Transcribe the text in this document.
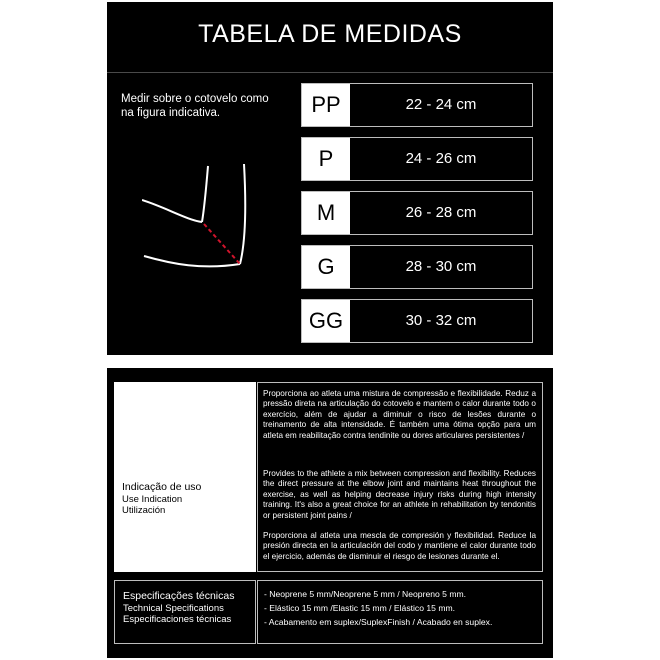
TABELA DE MEDIDAS
Medir sobre o cotovelo como na figura indicativa.	PP	22 - 24 cm
P	24 - 26 cm
M	26 - 28 cm
G	28 - 30 cm
GG	30 - 32 cm
Indicação de uso
Use Indication
Utilización
Proporciona ao atleta uma mistura de compressão e flexibilidade. Reduz a pressão direta na articulação do cotovelo e mantem o calor durante todo o exercício, além de ajudar a diminuir o risco de lesões durante o treinamento de alta intensidade. É também uma ótima opção para um atleta em reabilitação contra tendinite ou dores articulares persistentes /
Provides to the athlete a mix between compression and flexibility. Reduces the direct pressure at the elbow joint and maintains heat throughout the exercise, as well as helping decrease injury risks during high intensity training. It's also a great choice for an athlete in rehabilitation by tendonitis or persistent joint pains /
Proporciona al atleta una mescla de compresión y flexibilidad. Reduce la presión directa en la articulación del codo y mantiene el calor durante todo el ejercicio, además de disminuir el riesgo de lesiones durante el.
Especificações técnicas
Technical Specifications
Especificaciones técnicas
- Neoprene 5 mm/Neoprene 5 mm / Neopreno 5 mm.
- Elástico 15 mm /Elastic 15 mm / Elástico 15 mm.
- Acabamento em suplex/SuplexFinish / Acabado en suplex.
